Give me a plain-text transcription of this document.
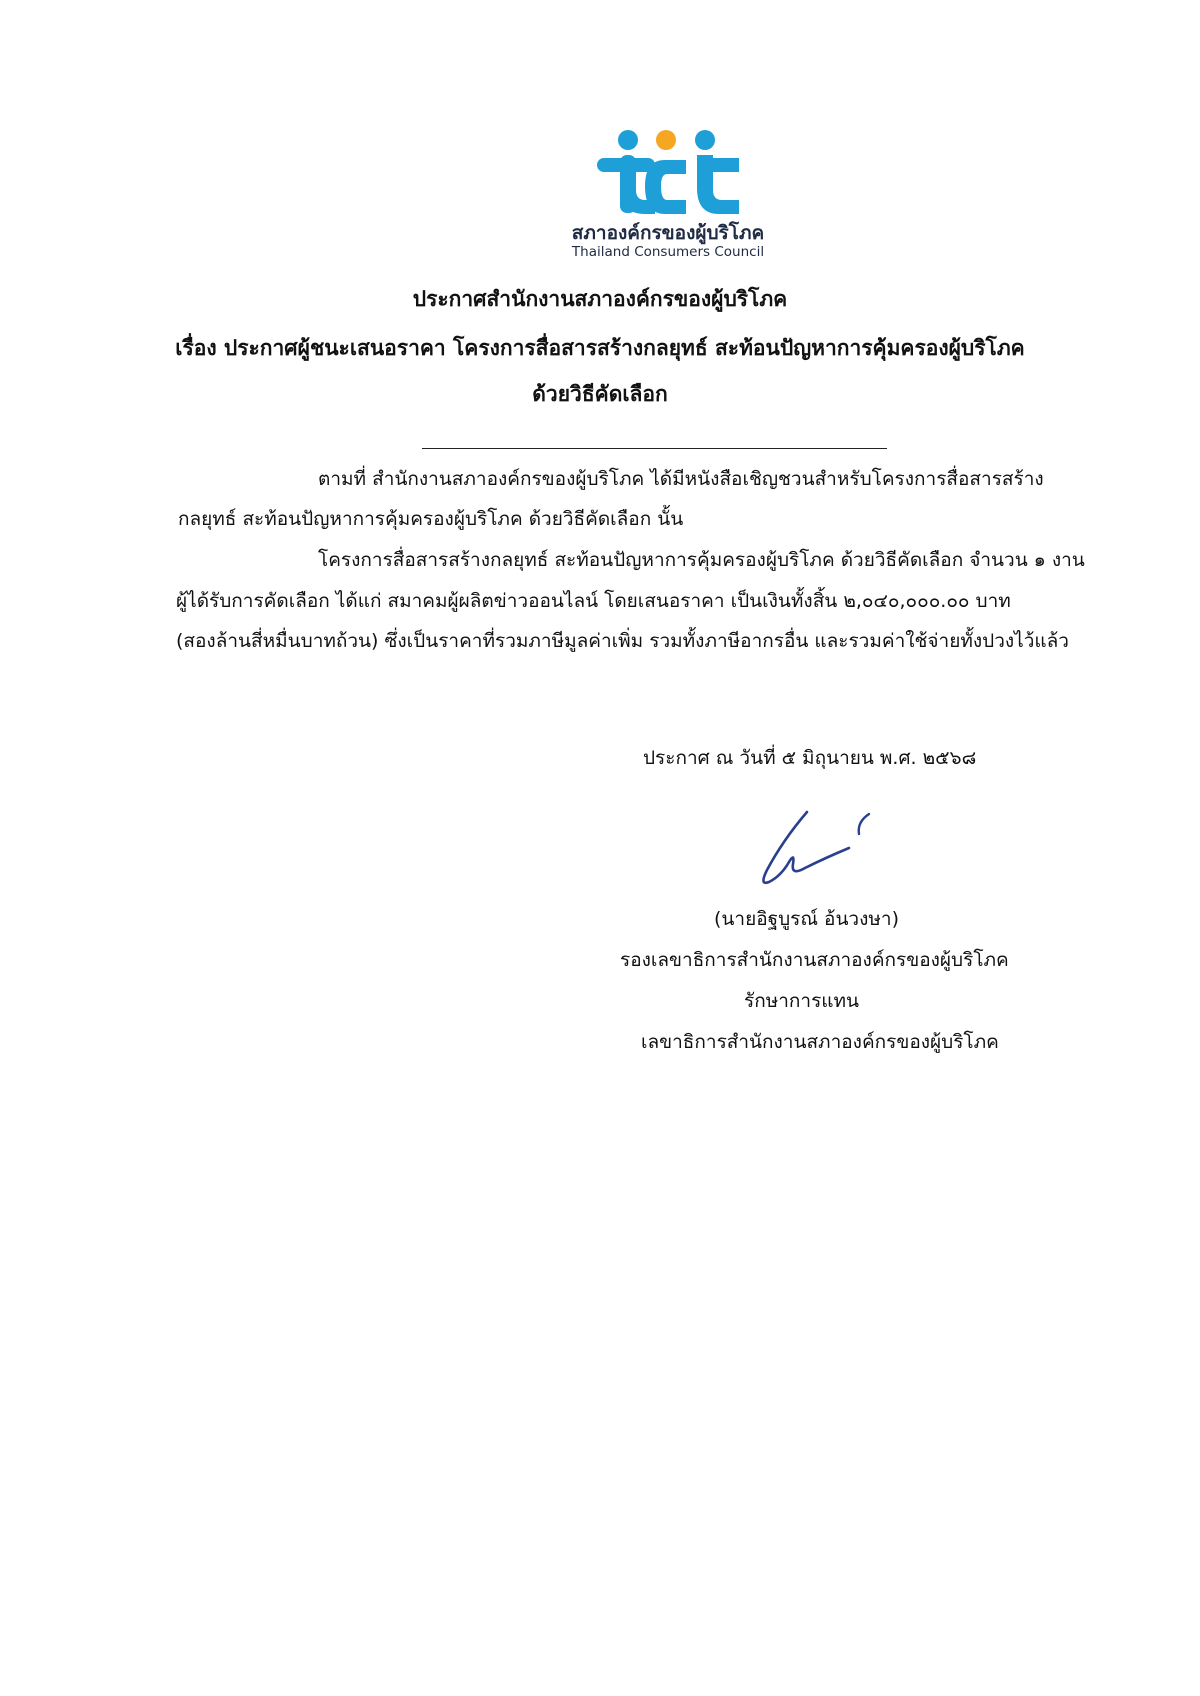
สภาองค์กรของผู้บริโภค
Thailand Consumers Council
ประกาศสำนักงานสภาองค์กรของผู้บริโภค
เรื่อง ประกาศผู้ชนะเสนอราคา โครงการสื่อสารสร้างกลยุทธ์ สะท้อนปัญหาการคุ้มครองผู้บริโภค
ด้วยวิธีคัดเลือก
ตามที่ สำนักงานสภาองค์กรของผู้บริโภค ได้มีหนังสือเชิญชวนสำหรับโครงการสื่อสารสร้าง
กลยุทธ์ สะท้อนปัญหาการคุ้มครองผู้บริโภค ด้วยวิธีคัดเลือก นั้น
โครงการสื่อสารสร้างกลยุทธ์ สะท้อนปัญหาการคุ้มครองผู้บริโภค ด้วยวิธีคัดเลือก จำนวน ๑ งาน
ผู้ได้รับการคัดเลือก ได้แก่ สมาคมผู้ผลิตข่าวออนไลน์ โดยเสนอราคา เป็นเงินทั้งสิ้น ๒,๐๔๐,๐๐๐.๐๐ บาท
(สองล้านสี่หมื่นบาทถ้วน) ซึ่งเป็นราคาที่รวมภาษีมูลค่าเพิ่ม รวมทั้งภาษีอากรอื่น และรวมค่าใช้จ่ายทั้งปวงไว้แล้ว
ประกาศ ณ วันที่ ๕ มิถุนายน พ.ศ. ๒๕๖๘
(นายอิฐบูรณ์ อ้นวงษา)
รองเลขาธิการสำนักงานสภาองค์กรของผู้บริโภค
รักษาการแทน
เลขาธิการสำนักงานสภาองค์กรของผู้บริโภค
